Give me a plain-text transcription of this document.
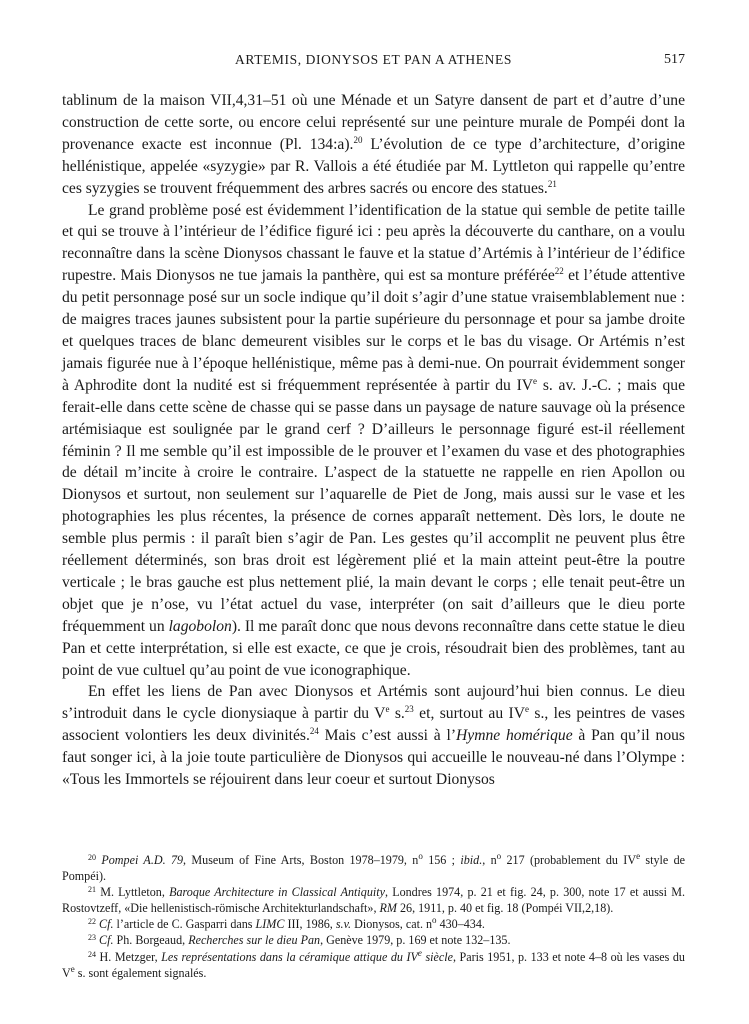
ARTEMIS, DIONYSOS ET PAN A ATHENES	517

tablinum de la maison VII,4,31–51 où une Ménade et un Satyre dansent de part et d’autre d’une construction de cette sorte, ou encore celui représenté sur une peinture murale de Pompéi dont la provenance exacte est inconnue (Pl. 134:a).$^{20}$ L’évolution de ce type d’architecture, d’origine hellénistique, appelée «syzygie» par R. Vallois a été étudiée par M. Lyttleton qui rappelle qu’entre ces syzygies se trouvent fréquemment des arbres sacrés ou encore des statues.$^{21}$

Le grand problème posé est évidemment l’identification de la statue qui semble de petite taille et qui se trouve à l’intérieur de l’édifice figuré ici : peu après la découverte du canthare, on a voulu reconnaître dans la scène Dionysos chassant le fauve et la statue d’Artémis à l’intérieur de l’édifice rupestre. Mais Dionysos ne tue jamais la panthère, qui est sa monture préférée$^{22}$ et l’étude attentive du petit personnage posé sur un socle indique qu’il doit s’agir d’une statue vraisemblablement nue : de maigres traces jaunes subsistent pour la partie supérieure du personnage et pour sa jambe droite et quelques traces de blanc demeurent visibles sur le corps et le bas du visage. Or Artémis n’est jamais figurée nue à l’époque hellénistique, même pas à demi-nue. On pourrait évidemment songer à Aphrodite dont la nudité est si fréquemment représentée à partir du IVe s. av. J.-C. ; mais que ferait-elle dans cette scène de chasse qui se passe dans un paysage de nature sauvage où la présence artémisiaque est soulignée par le grand cerf ? D’ailleurs le personnage figuré est-il réellement féminin ? Il me semble qu’il est impossible de le prouver et l’examen du vase et des photographies de détail m’incite à croire le contraire. L’aspect de la statuette ne rappelle en rien Apollon ou Dionysos et surtout, non seulement sur l’aquarelle de Piet de Jong, mais aussi sur le vase et les photographies les plus récentes, la présence de cornes apparaît nettement. Dès lors, le doute ne semble plus permis : il paraît bien s’agir de Pan. Les gestes qu’il accomplit ne peuvent plus être réellement déterminés, son bras droit est légèrement plié et la main atteint peut-être la poutre verticale ; le bras gauche est plus nettement plié, la main devant le corps ; elle tenait peut-être un objet que je n’ose, vu l’état actuel du vase, interpréter (on sait d’ailleurs que le dieu porte fréquemment un lagobolon). Il me paraît donc que nous devons reconnaître dans cette statue le dieu Pan et cette interprétation, si elle est exacte, ce que je crois, résoudrait bien des problèmes, tant au point de vue cultuel qu’au point de vue iconographique.

En effet les liens de Pan avec Dionysos et Artémis sont aujourd’hui bien connus. Le dieu s’introduit dans le cycle dionysiaque à partir du Ve s.$^{23}$ et, surtout au IVe s., les peintres de vases associent volontiers les deux divinités.$^{24}$ Mais c’est aussi à l’Hymne homérique à Pan qu’il nous faut songer ici, à la joie toute particulière de Dionysos qui accueille le nouveau-né dans l’Olympe : «Tous les Immortels se réjouirent dans leur coeur et surtout Dionysos

$^{20}$ Pompei A.D. 79, Museum of Fine Arts, Boston 1978–1979, $n^o$ 156 ; ibid., $n^o$ 217 (probablement du IVe style de Pompéi).

$^{21}$ M. Lyttleton, Baroque Architecture in Classical Antiquity, Londres 1974, p. 21 et fig. 24, p. 300, note 17 et aussi M. Rostovtzeff, «Die hellenistisch-römische Architekturlandschaft», RM 26, 1911, p. 40 et fig. 18 (Pompéi VII,2,18).

$^{22}$ Cf. l’article de C. Gasparri dans LIMC III, 1986, s.v. Dionysos, cat. $n^o$ 430–434.

$^{23}$ Cf. Ph. Borgeaud, Recherches sur le dieu Pan, Genève 1979, p. 169 et note 132–135.

$^{24}$ H. Metzger, Les représentations dans la céramique attique du IVe siècle, Paris 1951, p. 133 et note 4–8 où les vases du Ve s. sont également signalés.
